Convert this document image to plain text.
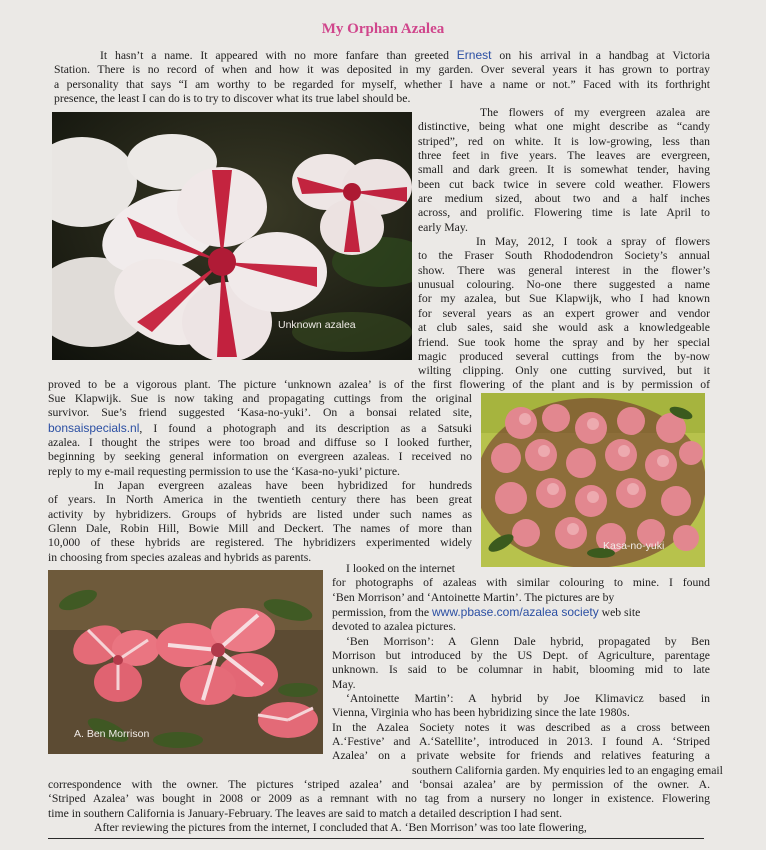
My Orphan Azalea
It hasn’t a name. It appeared with no more fanfare than greeted Ernest on his arrival in a handbag at Victoria
Station. There is no record of when and how it was deposited in my garden. Over several years it has grown to portray
a personality that says “I am worthy to be regarded for myself, whether I have a name or not.” Faced with its forthright
presence, the least I can do is to try to discover what its true label should be.
Unknown azalea
The flowers of my evergreen azalea are
distinctive, being what one might describe as “candy
striped”, red on white. It is low-growing, less than
three feet in five years. The leaves are evergreen,
small and dark green. It is somewhat tender, having
been cut back twice in severe cold weather. Flowers
are medium sized, about two and a half inches
across, and prolific. Flowering time is late April to
early May.
In May, 2012, I took a spray of flowers
to the Fraser South Rhododendron Society’s annual
show. There was general interest in the flower’s
unusual colouring. No-one there suggested a name
for my azalea, but Sue Klapwijk, who I had known
for several years as an expert grower and vendor
at club sales, said she would ask a knowledgeable
friend. Sue took home the spray and by her special
magic produced several cuttings from the by-now
wilting clipping. Only one cutting survived, but it
proved to be a vigorous plant. The picture ‘unknown azalea’ is of the first flowering of the plant and is by permission of
Sue Klapwijk. Sue is now taking and propagating cuttings from the original
survivor. Sue’s friend suggested ‘Kasa-no-yuki’. On a bonsai related site,
bonsaispecials.nl, I found a photograph and its description as a Satsuki
azalea. I thought the stripes were too broad and diffuse so I looked further,
beginning by seeking general information on evergreen azaleas. I received no
reply to my e-mail requesting permission to use the ‘Kasa-no-yuki’ picture.
In Japan evergreen azaleas have been hybridized for hundreds
of years. In North America in the twentieth century there has been great
activity by hybridizers. Groups of hybrids are listed under such names as
Glenn Dale, Robin Hill, Bowie Mill and Deckert. The names of more than
10,000 of these hybrids are registered. The hybridizers experimented widely
in choosing from species azaleas and hybrids as parents.
Kasa-no-yuki
A. Ben Morrison
I looked on the internet
for photographs of azaleas with similar colouring to mine. I found
‘Ben Morrison’ and ‘Antoinette Martin’. The pictures are by
permission, from the www.pbase.com/azalea society web site
devoted to azalea pictures.
‘Ben Morrison’: A Glenn Dale hybrid, propagated by Ben
Morrison but introduced by the US Dept. of Agriculture, parentage
unknown. Is said to be columnar in habit, blooming mid to late
May.
‘Antoinette Martin’: A hybrid by Joe Klimavicz based in
Vienna, Virginia who has been hybridizing since the late 1980s.
In the Azalea Society notes it was described as a cross between
A.‘Festive’ and A.‘Satellite’, introduced in 2013. I found A. ‘Striped
Azalea’ on a private website for friends and relatives featuring a
southern California garden. My enquiries led to an engaging email
correspondence with the owner. The pictures ‘striped azalea’ and ‘bonsai azalea’ are by permission of the owner. A.
‘Striped Azalea’ was bought in 2008 or 2009 as a remnant with no tag from a nursery no longer in existence. Flowering
time in southern California is January-February. The leaves are said to match a detailed description I had sent.
After reviewing the pictures from the internet, I concluded that A. ‘Ben Morrison’ was too late flowering,
